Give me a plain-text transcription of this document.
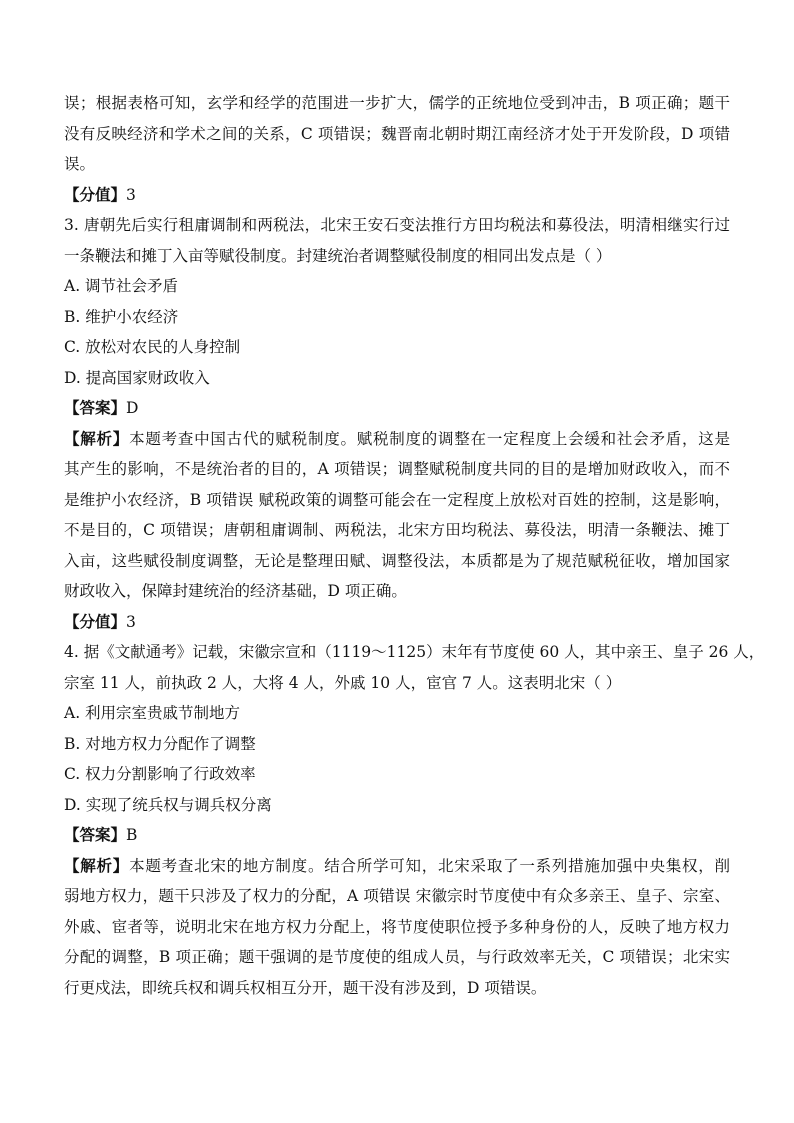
误；根据表格可知，玄学和经学的范围进一步扩大，儒学的正统地位受到冲击，B 项正确；题干
没有反映经济和学术之间的关系，C 项错误；魏晋南北朝时期江南经济才处于开发阶段，D 项错
误。
【分值】3
3. 唐朝先后实行租庸调制和两税法，北宋王安石变法推行方田均税法和募役法，明清相继实行过
一条鞭法和摊丁入亩等赋役制度。封建统治者调整赋役制度的相同出发点是（ ）
A. 调节社会矛盾
B. 维护小农经济
C. 放松对农民的人身控制
D. 提高国家财政收入
【答案】D
【解析】本题考查中国古代的赋税制度。赋税制度的调整在一定程度上会缓和社会矛盾，这是
其产生的影响，不是统治者的目的，A 项错误；调整赋税制度共同的目的是增加财政收入，而不
是维护小农经济，B 项错误 赋税政策的调整可能会在一定程度上放松对百姓的控制，这是影响，
不是目的，C 项错误；唐朝租庸调制、两税法，北宋方田均税法、募役法，明清一条鞭法、摊丁
入亩，这些赋役制度调整，无论是整理田赋、调整役法，本质都是为了规范赋税征收，增加国家
财政收入，保障封建统治的经济基础，D 项正确。
【分值】3
4. 据《文献通考》记载，宋徽宗宣和（1119～1125）末年有节度使 60 人，其中亲王、皇子 26 人，
宗室 11 人，前执政 2 人，大将 4 人，外戚 10 人，宦官 7 人。这表明北宋（ ）
A. 利用宗室贵戚节制地方
B. 对地方权力分配作了调整
C. 权力分割影响了行政效率
D. 实现了统兵权与调兵权分离
【答案】B
【解析】本题考查北宋的地方制度。结合所学可知，北宋采取了一系列措施加强中央集权，削
弱地方权力，题干只涉及了权力的分配，A 项错误 宋徽宗时节度使中有众多亲王、皇子、宗室、
外戚、宦者等，说明北宋在地方权力分配上，将节度使职位授予多种身份的人，反映了地方权力
分配的调整，B 项正确；题干强调的是节度使的组成人员，与行政效率无关，C 项错误；北宋实
行更戍法，即统兵权和调兵权相互分开，题干没有涉及到，D 项错误。
